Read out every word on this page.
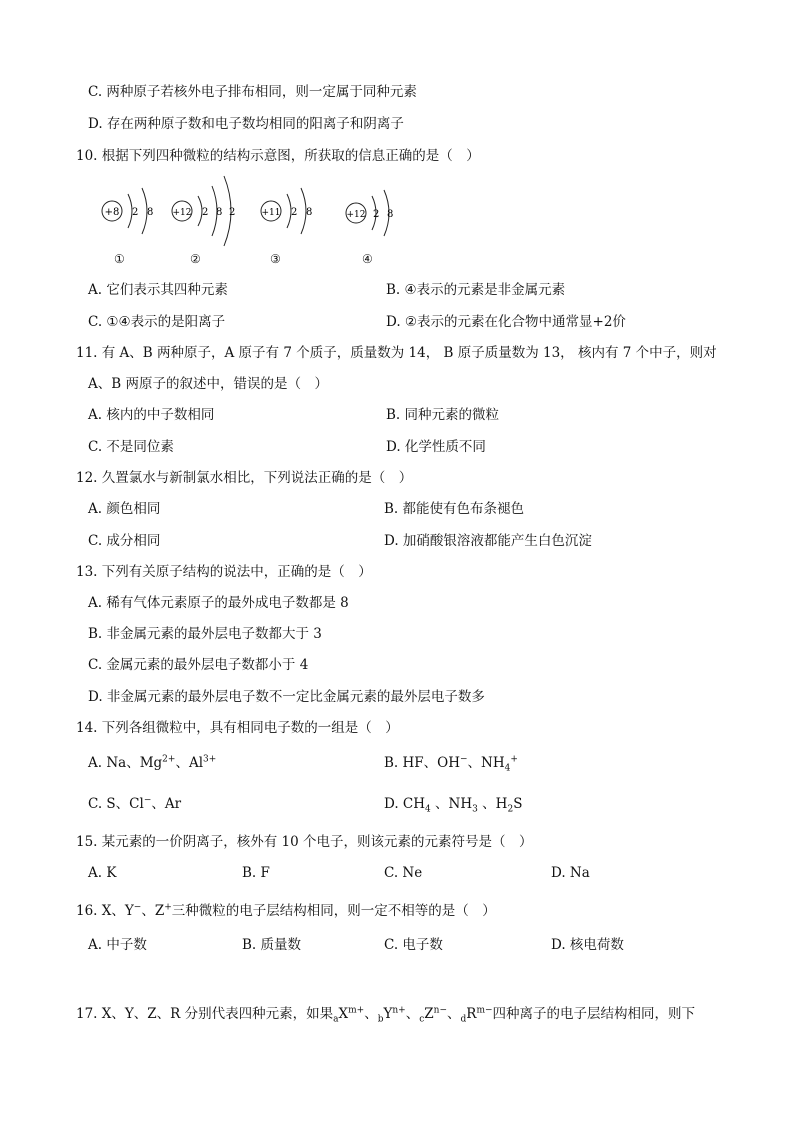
C. 两种原子若核外电子排布相同，则一定属于同种元素
D. 存在两种原子数和电子数均相同的阳离子和阴离子
10. 根据下列四种微粒的结构示意图，所获取的信息正确的是（　）
+8 2 8
①
+12 2 8 2
②
+11 2 8
③
+12 2 8
④
A. 它们表示其四种元素	B. ④表示的元素是非金属元素
C. ①④表示的是阳离子	D. ②表示的元素在化合物中通常显+2价
11. 有 A、B 两种原子，A 原子有 7 个质子，质量数为 14， B 原子质量数为 13， 核内有 7 个中子，则对
A、B 两原子的叙述中，错误的是（　）
A. 核内的中子数相同	B. 同种元素的微粒
C. 不是同位素	D. 化学性质不同
12. 久置氯水与新制氯水相比，下列说法正确的是（　）
A. 颜色相同	B. 都能使有色布条褪色
C. 成分相同	D. 加硝酸银溶液都能产生白色沉淀
13. 下列有关原子结构的说法中，正确的是（　）
A. 稀有气体元素原子的最外成电子数都是 8
B. 非金属元素的最外层电子数都大于 3
C. 金属元素的最外层电子数都小于 4
D. 非金属元素的最外层电子数不一定比金属元素的最外层电子数多
14. 下列各组微粒中，具有相同电子数的一组是（　）
A. Na、$Mg^{2+}$、$Al^{3+}$	B. HF、OH−、$NH_4^+$
C. S、Cl−、Ar	D. $CH_4$ 、$NH_3$ 、$H_2S$
15. 某元素的一价阴离子，核外有 10 个电子，则该元素的元素符号是（　）
A. K	B. F	C. Ne	D. Na
16. X、Y−、Z+三种微粒的电子层结构相同，则一定不相等的是（　）
A. 中子数	B. 质量数	C. 电子数	D. 核电荷数
17. X、Y、Z、R 分别代表四种元素，如果$_aX^{m+}$、$_bY^{n+}$、$_cZ^{n-}$、$_dR^{m-}$四种离子的电子层结构相同，则下
